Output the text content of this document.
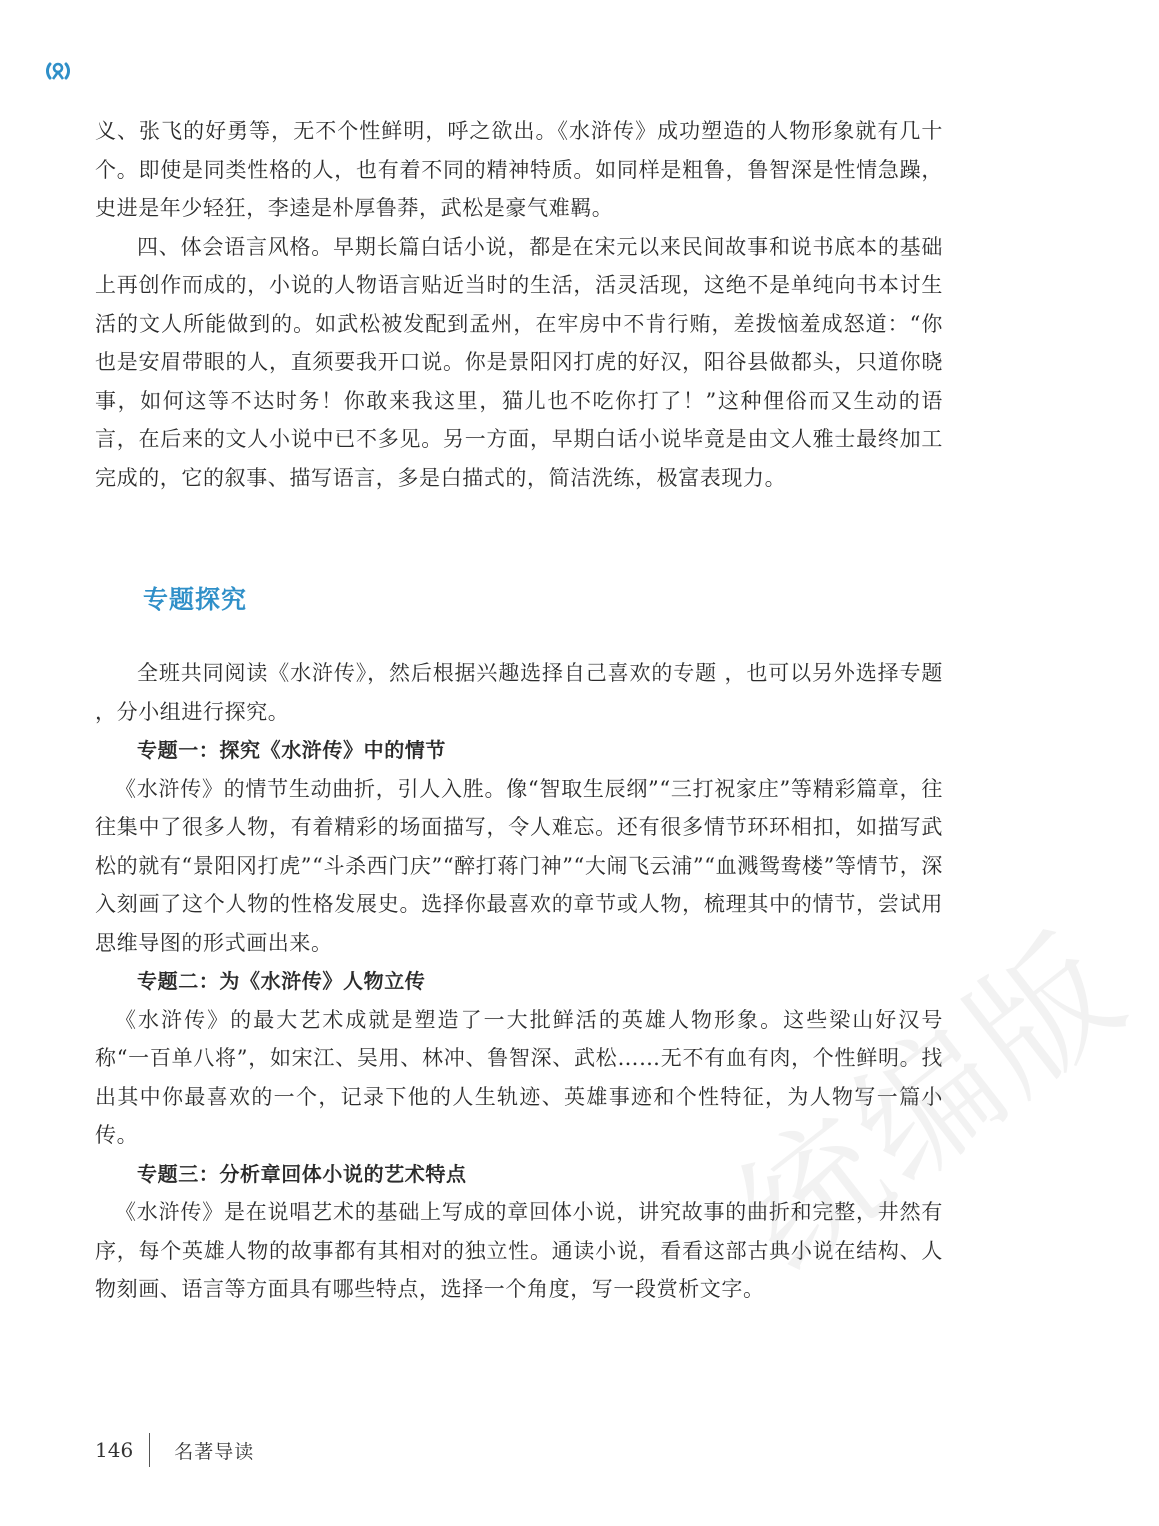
义、张飞的好勇等，无不个性鲜明，呼之欲出。《水浒传》成功塑造的人物形象就有几十个。即使是同类性格的人，也有着不同的精神特质。如同样是粗鲁，鲁智深是性情急躁，史进是年少轻狂，李逵是朴厚鲁莽，武松是豪气难羁。

四、体会语言风格。早期长篇白话小说，都是在宋元以来民间故事和说书底本的基础上再创作而成的，小说的人物语言贴近当时的生活，活灵活现，这绝不是单纯向书本讨生活的文人所能做到的。如武松被发配到孟州，在牢房中不肯行贿，差拨恼羞成怒道：“你也是安眉带眼的人，直须要我开口说。你是景阳冈打虎的好汉，阳谷县做都头，只道你晓事，如何这等不达时务！你敢来我这里，猫儿也不吃你打了！”这种俚俗而又生动的语言，在后来的文人小说中已不多见。另一方面，早期白话小说毕竟是由文人雅士最终加工完成的，它的叙事、描写语言，多是白描式的，简洁洗练，极富表现力。

专题探究

全班共同阅读《水浒传》，然后根据兴趣选择自己喜欢的专题 ，也可以另外选择专题 ，分小组进行探究。

专题一：探究《水浒传》中的情节

《水浒传》的情节生动曲折，引人入胜。像“智取生辰纲”“三打祝家庄”等精彩篇章，往往集中了很多人物，有着精彩的场面描写，令人难忘。还有很多情节环环相扣，如描写武松的就有“景阳冈打虎”“斗杀西门庆”“醉打蒋门神”“大闹飞云浦”“血溅鸳鸯楼”等情节，深入刻画了这个人物的性格发展史。选择你最喜欢的章节或人物，梳理其中的情节，尝试用思维导图的形式画出来。

专题二：为《水浒传》人物立传

《水浒传》的最大艺术成就是塑造了一大批鲜活的英雄人物形象。这些梁山好汉号称“一百单八将”，如宋江、吴用、林冲、鲁智深、武松……无不有血有肉，个性鲜明。找出其中你最喜欢的一个，记录下他的人生轨迹、英雄事迹和个性特征，为人物写一篇小传。

专题三：分析章回体小说的艺术特点

《水浒传》是在说唱艺术的基础上写成的章回体小说，讲究故事的曲折和完整，井然有序，每个英雄人物的故事都有其相对的独立性。通读小说，看看这部古典小说在结构、人物刻画、语言等方面具有哪些特点，选择一个角度，写一段赏析文字。

统编版
146 名著导读
